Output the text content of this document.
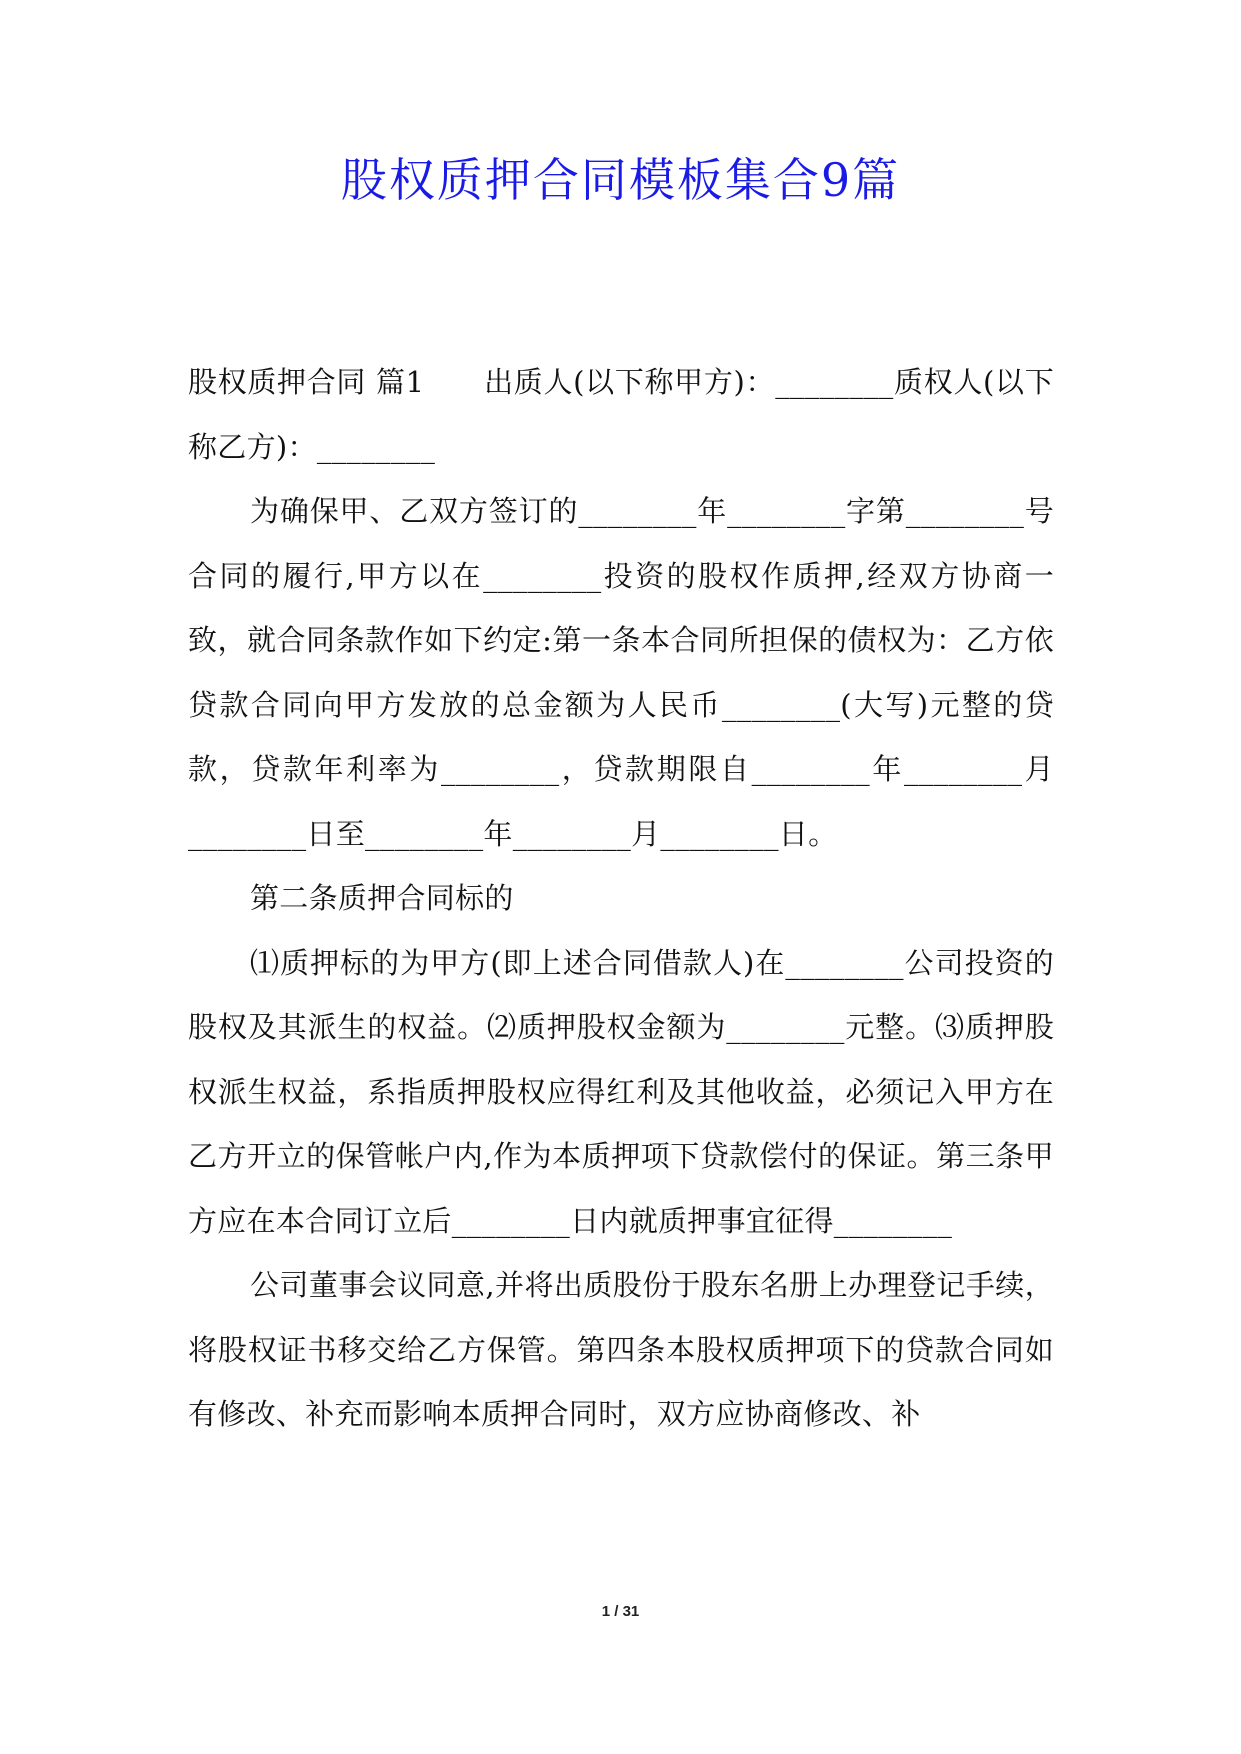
股权质押合同模板集合9篇

股权质押合同 篇1　　出质人(以下称甲方)：________质权人(以下称乙方)：________

为确保甲、乙双方签订的________年________字第________号合同的履行,甲方以在________投资的股权作质押,经双方协商一致，就合同条款作如下约定:第一条本合同所担保的债权为：乙方依贷款合同向甲方发放的总金额为人民币________(大写)元整的贷款，贷款年利率为________，贷款期限自________年________月________日至________年________月________日。

第二条质押合同标的

⑴质押标的为甲方(即上述合同借款人)在________公司投资的股权及其派生的权益。⑵质押股权金额为________元整。⑶质押股权派生权益，系指质押股权应得红利及其他收益，必须记入甲方在乙方开立的保管帐户内,作为本质押项下贷款偿付的保证。第三条甲方应在本合同订立后________日内就质押事宜征得________

公司董事会议同意,并将出质股份于股东名册上办理登记手续，将股权证书移交给乙方保管。第四条本股权质押项下的贷款合同如有修改、补充而影响本质押合同时，双方应协商修改、补

1 / 31
